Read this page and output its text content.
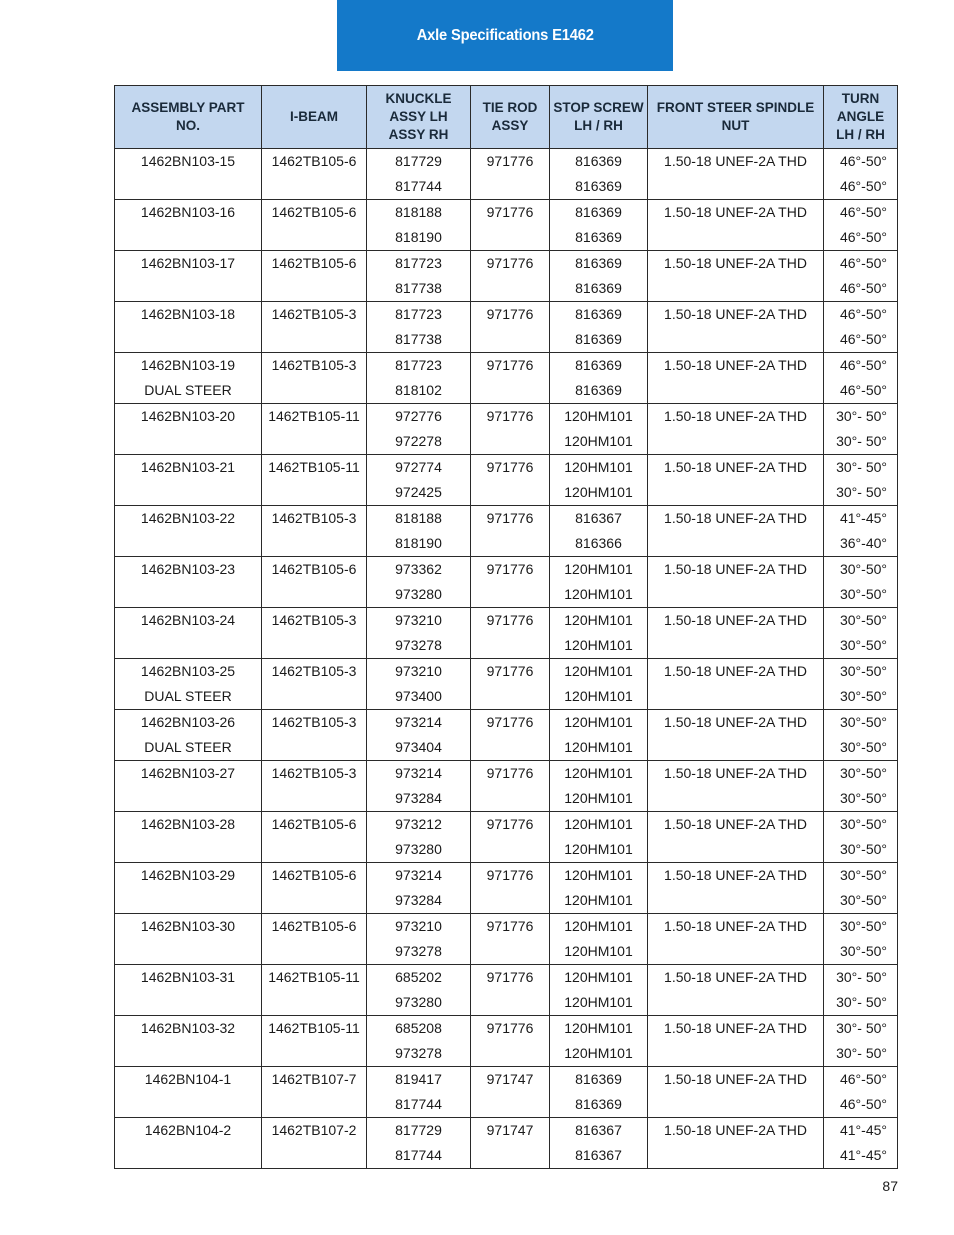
Axle Specifications E1462
ASSEMBLY PART NO.	I-BEAM	KNUCKLE ASSY LH ASSY RH	TIE ROD ASSY	STOP SCREW LH / RH	FRONT STEER SPINDLE NUT	TURN ANGLE LH / RH
1462BN103-15	1462TB105-6	817729	971776	816369	1.50-18 UNEF-2A THD	46°-50°
		817744		816369		46°-50°
1462BN103-16	1462TB105-6	818188	971776	816369	1.50-18 UNEF-2A THD	46°-50°
		818190		816369		46°-50°
1462BN103-17	1462TB105-6	817723	971776	816369	1.50-18 UNEF-2A THD	46°-50°
		817738		816369		46°-50°
1462BN103-18	1462TB105-3	817723	971776	816369	1.50-18 UNEF-2A THD	46°-50°
		817738		816369		46°-50°
1462BN103-19	1462TB105-3	817723	971776	816369	1.50-18 UNEF-2A THD	46°-50°
DUAL STEER		818102		816369		46°-50°
1462BN103-20	1462TB105-11	972776	971776	120HM101	1.50-18 UNEF-2A THD	30°- 50°
		972278		120HM101		30°- 50°
1462BN103-21	1462TB105-11	972774	971776	120HM101	1.50-18 UNEF-2A THD	30°- 50°
		972425		120HM101		30°- 50°
1462BN103-22	1462TB105-3	818188	971776	816367	1.50-18 UNEF-2A THD	41°-45°
		818190		816366		36°-40°
1462BN103-23	1462TB105-6	973362	971776	120HM101	1.50-18 UNEF-2A THD	30°-50°
		973280		120HM101		30°-50°
1462BN103-24	1462TB105-3	973210	971776	120HM101	1.50-18 UNEF-2A THD	30°-50°
		973278		120HM101		30°-50°
1462BN103-25	1462TB105-3	973210	971776	120HM101	1.50-18 UNEF-2A THD	30°-50°
DUAL STEER		973400		120HM101		30°-50°
1462BN103-26	1462TB105-3	973214	971776	120HM101	1.50-18 UNEF-2A THD	30°-50°
DUAL STEER		973404		120HM101		30°-50°
1462BN103-27	1462TB105-3	973214	971776	120HM101	1.50-18 UNEF-2A THD	30°-50°
		973284		120HM101		30°-50°
1462BN103-28	1462TB105-6	973212	971776	120HM101	1.50-18 UNEF-2A THD	30°-50°
		973280		120HM101		30°-50°
1462BN103-29	1462TB105-6	973214	971776	120HM101	1.50-18 UNEF-2A THD	30°-50°
		973284		120HM101		30°-50°
1462BN103-30	1462TB105-6	973210	971776	120HM101	1.50-18 UNEF-2A THD	30°-50°
		973278		120HM101		30°-50°
1462BN103-31	1462TB105-11	685202	971776	120HM101	1.50-18 UNEF-2A THD	30°- 50°
		973280		120HM101		30°- 50°
1462BN103-32	1462TB105-11	685208	971776	120HM101	1.50-18 UNEF-2A THD	30°- 50°
		973278		120HM101		30°- 50°
1462BN104-1	1462TB107-7	819417	971747	816369	1.50-18 UNEF-2A THD	46°-50°
		817744		816369		46°-50°
1462BN104-2	1462TB107-2	817729	971747	816367	1.50-18 UNEF-2A THD	41°-45°
		817744		816367		41°-45°
87
